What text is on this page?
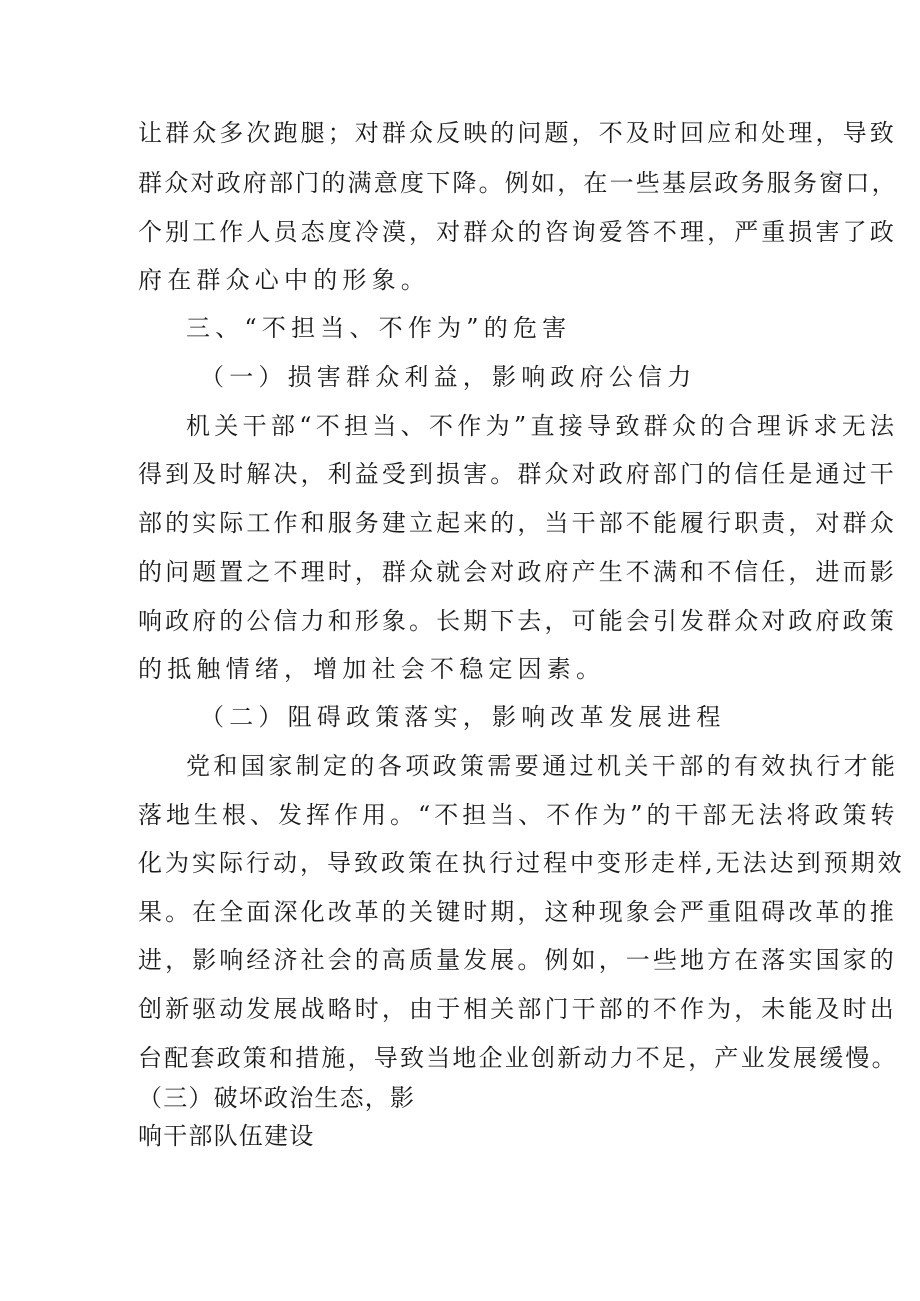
让群众多次跑腿；对群众反映的问题，不及时回应和处理，导致
群众对政府部门的满意度下降。例如，在一些基层政务服务窗口，
个别工作人员态度冷漠，对群众的咨询爱答不理，严重损害了政
府在群众心中的形象。
三、“不担当、不作为”的危害
（一）损害群众利益，影响政府公信力
机关干部“不担当、不作为”直接导致群众的合理诉求无法
得到及时解决，利益受到损害。群众对政府部门的信任是通过干
部的实际工作和服务建立起来的，当干部不能履行职责，对群众
的问题置之不理时，群众就会对政府产生不满和不信任，进而影
响政府的公信力和形象。长期下去，可能会引发群众对政府政策
的抵触情绪，增加社会不稳定因素。
（二）阻碍政策落实，影响改革发展进程
党和国家制定的各项政策需要通过机关干部的有效执行才能
落地生根、发挥作用。“不担当、不作为”的干部无法将政策转
化为实际行动，导致政策在执行过程中变形走样,无法达到预期效
果。在全面深化改革的关键时期，这种现象会严重阻碍改革的推
进，影响经济社会的高质量发展。例如，一些地方在落实国家的
创新驱动发展战略时，由于相关部门干部的不作为，未能及时出
台配套政策和措施，导致当地企业创新动力不足，产业发展缓慢。
（三）破坏政治生态，影
响干部队伍建设
